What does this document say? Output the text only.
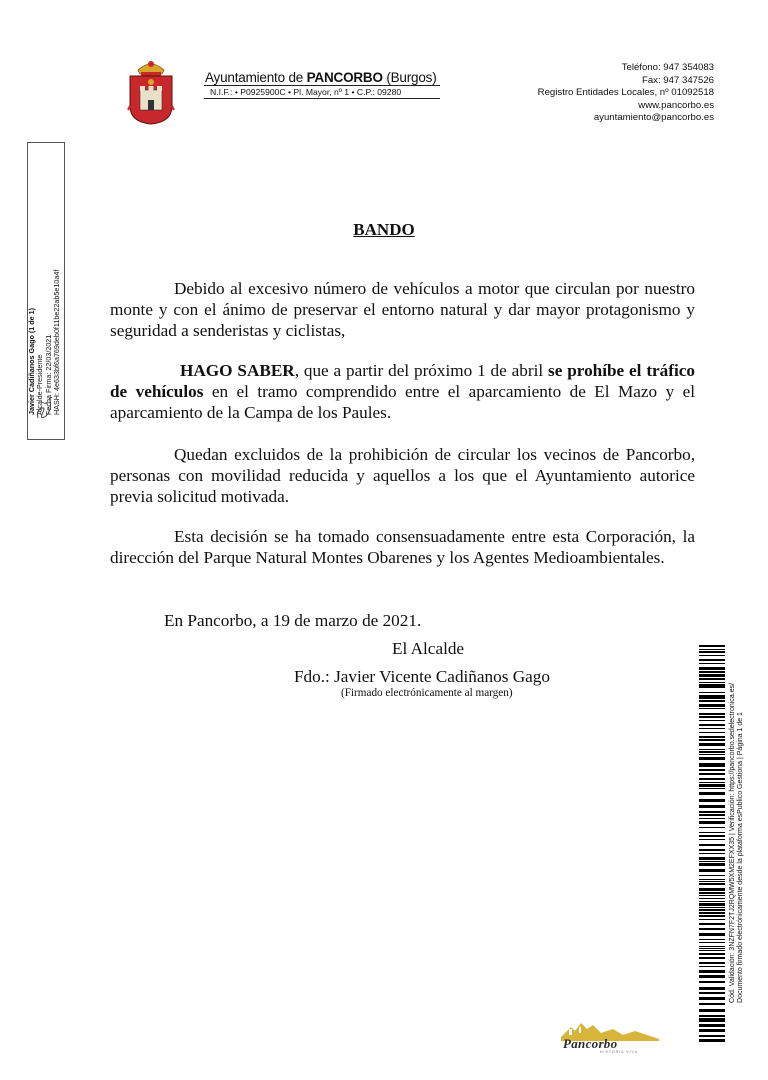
Ayuntamiento de PANCORBO (Burgos)
N.I.F.: • P0925900C • Pl. Mayor, nº 1 • C.P.: 09280
Teléfono: 947 354083
Fax: 947 347526
Registro Entidades Locales, nº 01092518
www.pancorbo.es
ayuntamiento@pancorbo.es
Javier Cadiñanos Gago (1 de 1) Alcalde-Presidente Fecha Firma: 22/03/2021 HASH: 4e633bf6a769deb0f11be22ab5e10a4f
BANDO
Debido al excesivo número de vehículos a motor que circulan por nuestro monte y con el ánimo de preservar el entorno natural y dar mayor protagonismo y seguridad a senderistas y ciclistas,
HAGO SABER, que a partir del próximo 1 de abril se prohíbe el tráfico de vehículos en el tramo comprendido entre el aparcamiento de El Mazo y el aparcamiento de la Campa de los Paules.
Quedan excluidos de la prohibición de circular los vecinos de Pancorbo, personas con movilidad reducida y aquellos a los que el Ayuntamiento autorice previa solicitud motivada.
Esta decisión se ha tomado consensuadamente entre esta Corporación, la dirección del Parque Natural Montes Obarenes y los Agentes Medioambientales.
En Pancorbo, a 19 de marzo de 2021.
El Alcalde
Fdo.: Javier Vicente Cadiñanos Gago
(Firmado electrónicamente al margen)	Cód. Validación: 3NZFN7F2TJ2RQMW5XM2EFXX35 | Verificación: https://pancorbo.sedelectronica.es/ Documento firmado electrónicamente desde la plataforma esPublico Gestiona | Página 1 de 1
Pancorbo
HISTORIA VIVA
